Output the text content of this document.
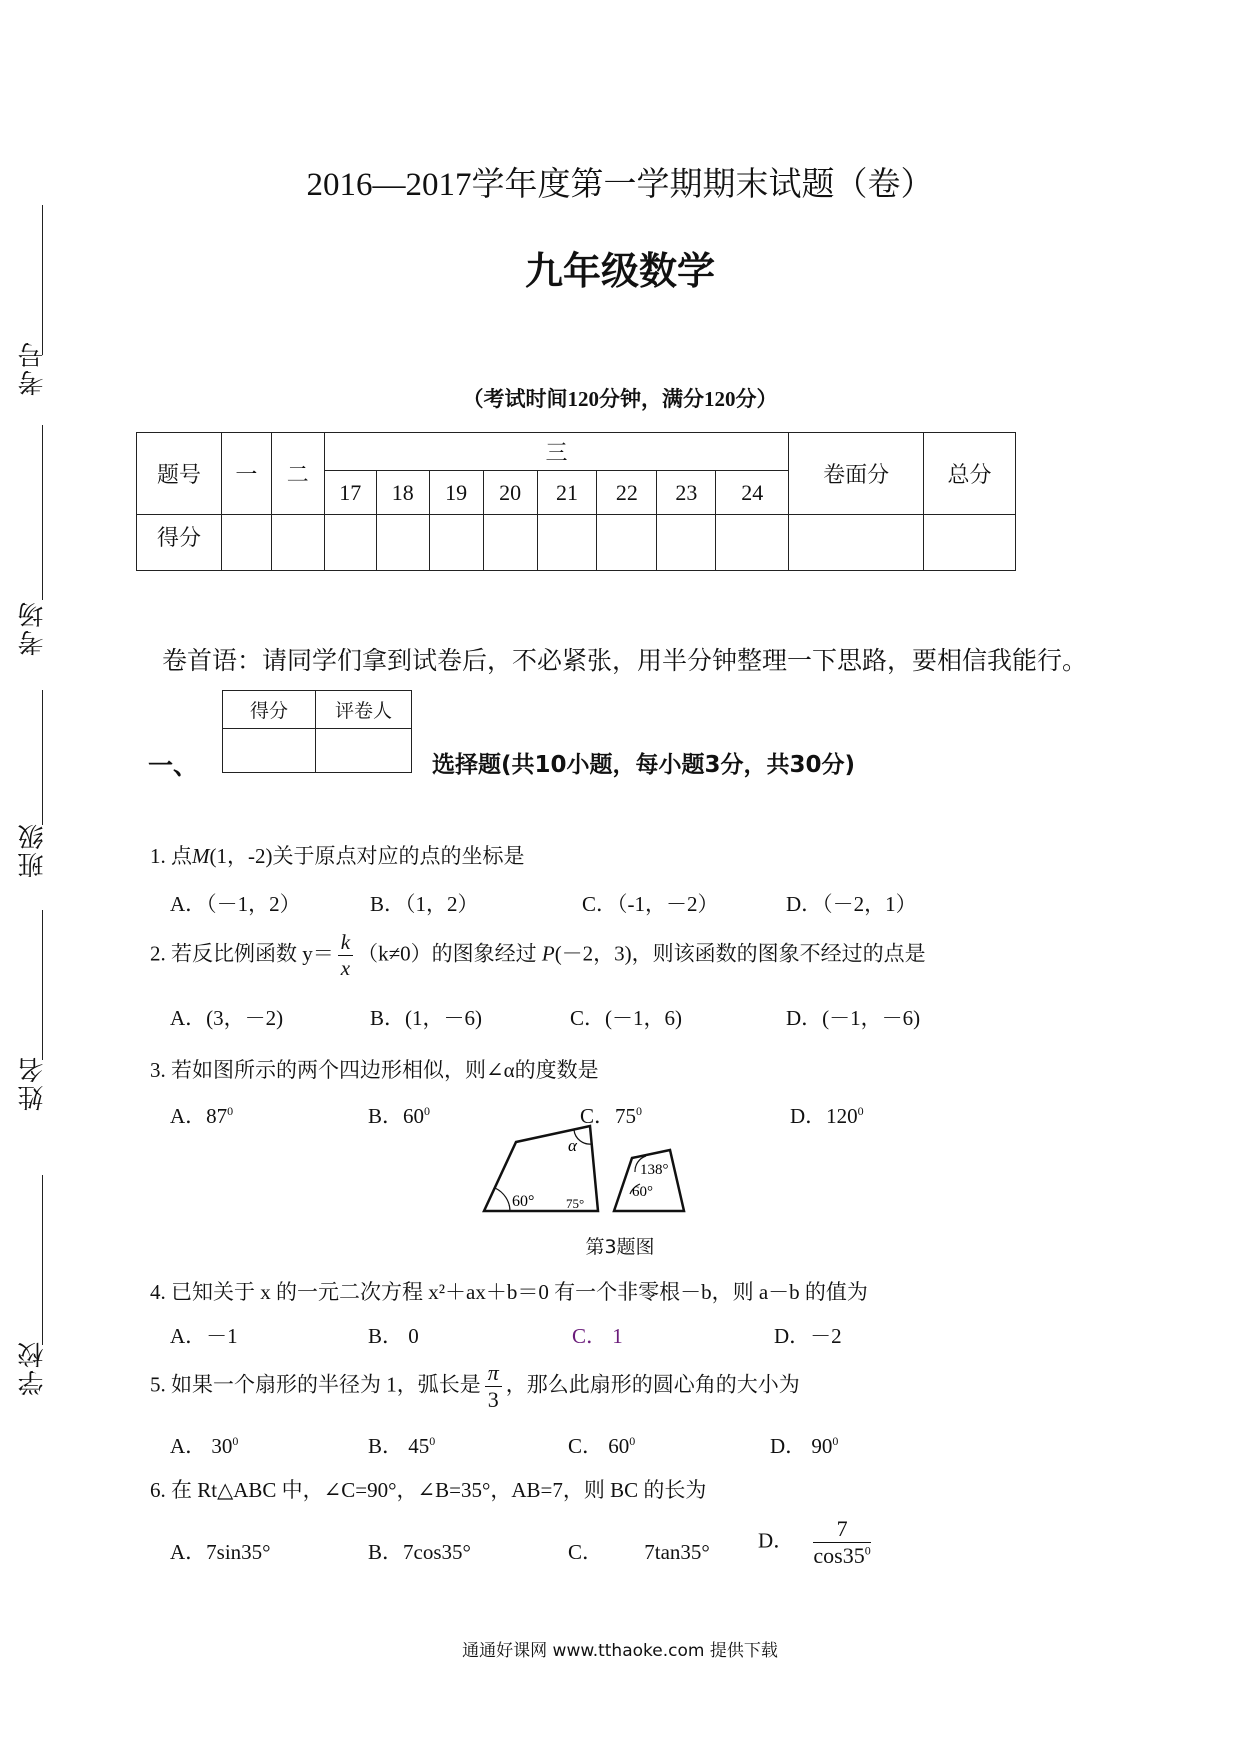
考号
考场
班级
姓名
学校
2016—2017学年度第一学期期末试题（卷）
九年级数学
（考试时间120分钟，满分120分）
题号	一	二	三								卷面分	总分
			17	18	19	20	21	22	23	24		
得分												
卷首语：请同学们拿到试卷后，不必紧张，用半分钟整理一下思路，要相信我能行。
一、
得分	评卷人

选择题(共10小题，每小题3分，共30分)
1. 点M(1，-2)关于原点对应的点的坐标是
A．（－1，2）	B．（1，2）	C．（-1，－2）	D．（－2，1）
2. 若反比例函数 $y= \frac{k}{x} (k\ne 0)$的图象经过 P(－2，3)，则该函数的图象不经过的点是
A．(3，－2)	B．(1，－6)	C．(－1，6)	D．(－1，－6)
3. 若如图所示的两个四边形相似，则∠α的度数是
A．$87^0$	B．$60^0$	C．$75^0$	D．$120^0$
α
60° 75°
138°
60°
第3题图
4. 已知关于 x 的一元二次方程 x²＋ax＋b＝0 有一个非零根－b，则 a－b 的值为
A．－1	B． 0	C． 1	D．－2
5. 如果一个扇形的半径为 1，弧长是 $\frac{\pi}{3}$ ，那么此扇形的圆心角的大小为
A． $30^0$	B． $45^0$	C． $60^0$	D． $90^0$
6. 在 Rt△ABC 中，∠C=90°，∠B=35°，AB=7，则 BC 的长为
A．7sin35°	B．7cos35°	C． 7tan35° D． $\frac{7}{\cos 35^0}$
通通好课网 www.tthaoke.com 提供下载
